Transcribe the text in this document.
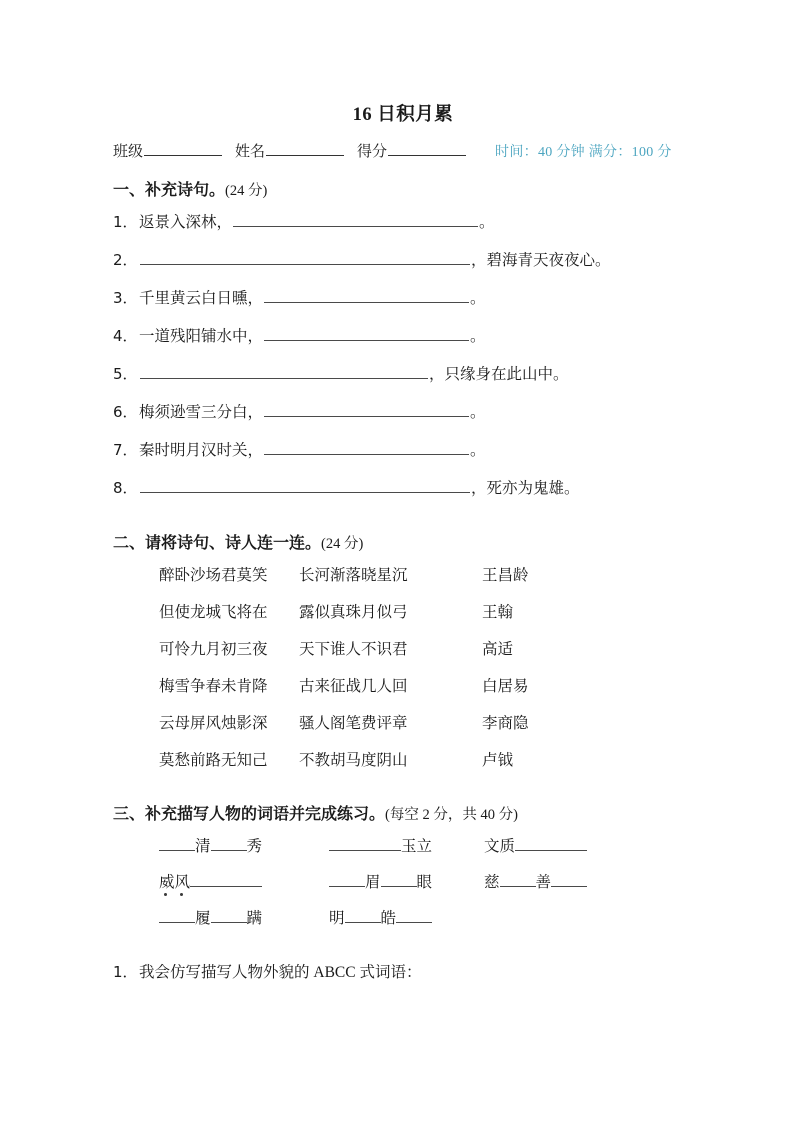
16 日积月累
班级	姓名	得分	时间：40 分钟 满分：100 分
一、补充诗句。(24 分)
1． 返景入深林，	。
2．	，碧海青天夜夜心。
3． 千里黄云白日曛，	。
4． 一道残阳铺水中，	。
5．	，只缘身在此山中。
6． 梅须逊雪三分白，	。
7． 秦时明月汉时关，	。
8．	，死亦为鬼雄。
二、请将诗句、诗人连一连。(24 分)
醉卧沙场君莫笑	长河渐落晓星沉	王昌龄
但使龙城飞将在	露似真珠月似弓	王翰
可怜九月初三夜	天下谁人不识君	高适
梅雪争春未肯降	古来征战几人回	白居易
云母屏风烛影深	骚人阁笔费评章	李商隐
莫愁前路无知己	不教胡马度阴山	卢钺
三、补充描写人物的词语并完成练习。(每空 2 分，共 40 分)
清 秀	玉立	文质
威风	眉 眼	慈 善
履 蹒	明 皓
1． 我会仿写描写人物外貌的 ABCC 式词语：
